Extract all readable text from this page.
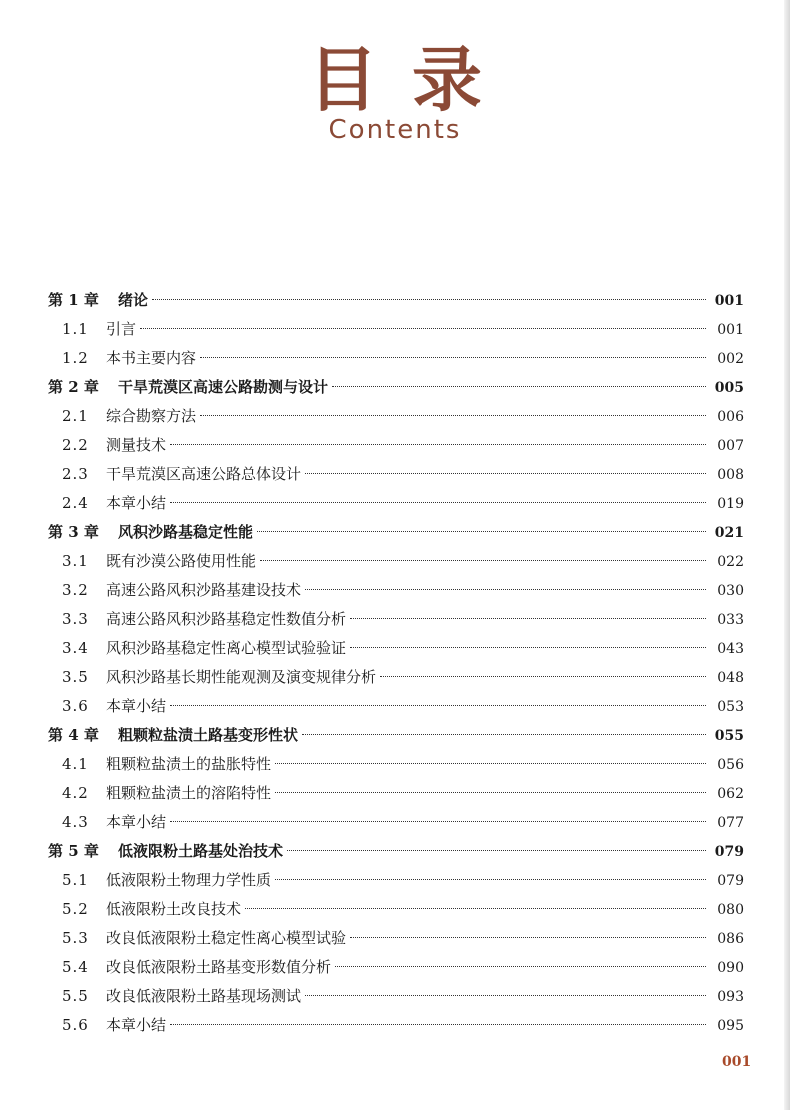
目录
Contents
第 1 章	绪论	001
1.1	引言	001
1.2	本书主要内容	002
第 2 章	干旱荒漠区高速公路勘测与设计	005
2.1	综合勘察方法	006
2.2	测量技术	007
2.3	干旱荒漠区高速公路总体设计	008
2.4	本章小结	019
第 3 章	风积沙路基稳定性能	021
3.1	既有沙漠公路使用性能	022
3.2	高速公路风积沙路基建设技术	030
3.3	高速公路风积沙路基稳定性数值分析	033
3.4	风积沙路基稳定性离心模型试验验证	043
3.5	风积沙路基长期性能观测及演变规律分析	048
3.6	本章小结	053
第 4 章	粗颗粒盐渍土路基变形性状	055
4.1	粗颗粒盐渍土的盐胀特性	056
4.2	粗颗粒盐渍土的溶陷特性	062
4.3	本章小结	077
第 5 章	低液限粉土路基处治技术	079
5.1	低液限粉土物理力学性质	079
5.2	低液限粉土改良技术	080
5.3	改良低液限粉土稳定性离心模型试验	086
5.4	改良低液限粉土路基变形数值分析	090
5.5	改良低液限粉土路基现场测试	093
5.6	本章小结	095
001
